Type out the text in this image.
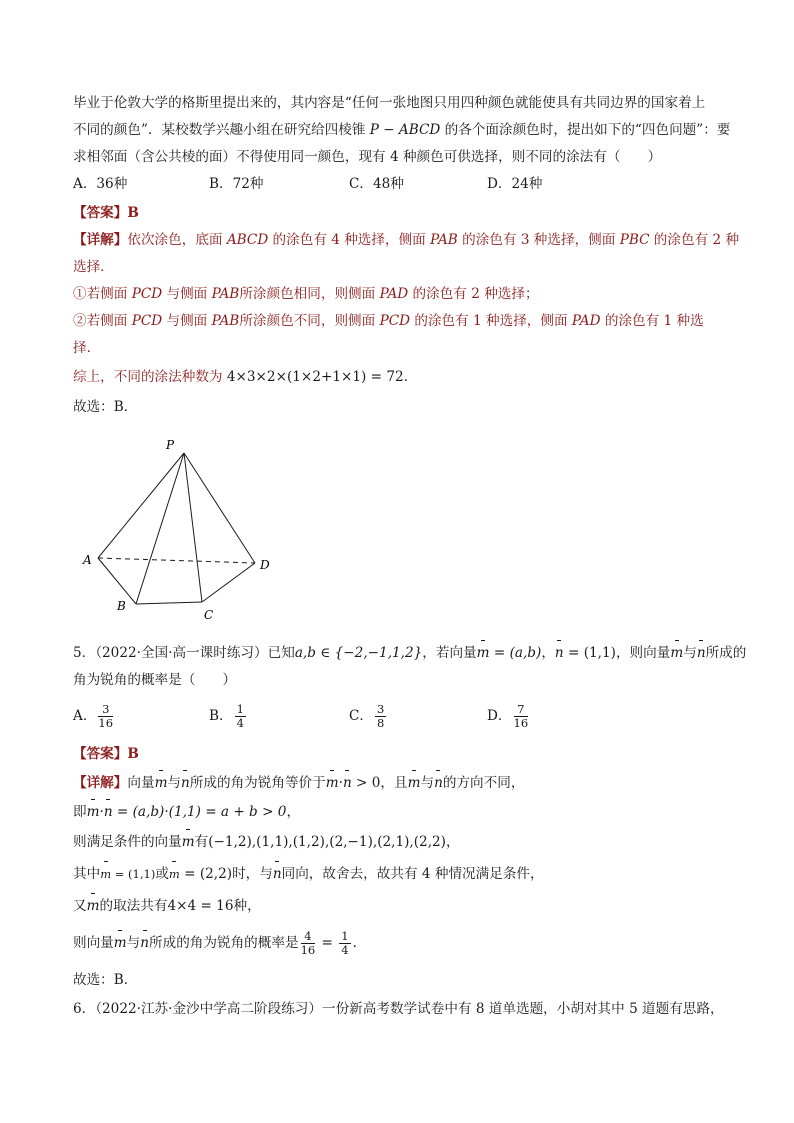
毕业于伦敦大学的格斯里提出来的，其内容是“任何一张地图只用四种颜色就能使具有共同边界的国家着上
不同的颜色”．某校数学兴趣小组在研究给四棱锥 P − ABCD 的各个面涂颜色时，提出如下的“四色问题”：要
求相邻面（含公共棱的面）不得使用同一颜色，现有 4 种颜色可供选择，则不同的涂法有（　　）
A．36种	B．72种	C．48种	D．24种
【答案】B
【详解】依次涂色，底面 ABCD 的涂色有 4 种选择，侧面 PAB 的涂色有 3 种选择，侧面 PBC 的涂色有 2 种
选择．
①若侧面 PCD 与侧面 PAB所涂颜色相同，则侧面 PAD 的涂色有 2 种选择；
②若侧面 PCD 与侧面 PAB所涂颜色不同，则侧面 PCD 的涂色有 1 种选择，侧面 PAD 的涂色有 1 种选
择．
综上，不同的涂法种数为 4×3×2×(1×2+1×1) = 72．
故选：B．
P
A
B
C
D
5．（2022·全国·高一课时练习）已知a,b ∈ {−2,−1,1,2}，若向量m = (a,b)，n = (1,1)，则向量m与n所成的
角为锐角的概率是（　　）
A． $\frac{3}{16}$	B． $\frac{1}{4}$	C． $\frac{3}{8}$	D． $\frac{7}{16}$
【答案】B
【详解】向量m与n所成的角为锐角等价于m·n > 0，且m与n的方向不同，
即m·n = (a,b)·(1,1) = a + b > 0，
则满足条件的向量m有(−1,2),(1,1),(1,2),(2,−1),(2,1),(2,2)，
其中m = (1,1)或m = (2,2)时，与n同向，故舍去，故共有 4 种情况满足条件，
又m的取法共有4×4 = 16种，
则向量m与n所成的角为锐角的概率是 $\frac{4}{16} = \frac{1}{4}$ ．
故选：B．
6．（2022·江苏·金沙中学高二阶段练习）一份新高考数学试卷中有 8 道单选题，小胡对其中 5 道题有思路，
